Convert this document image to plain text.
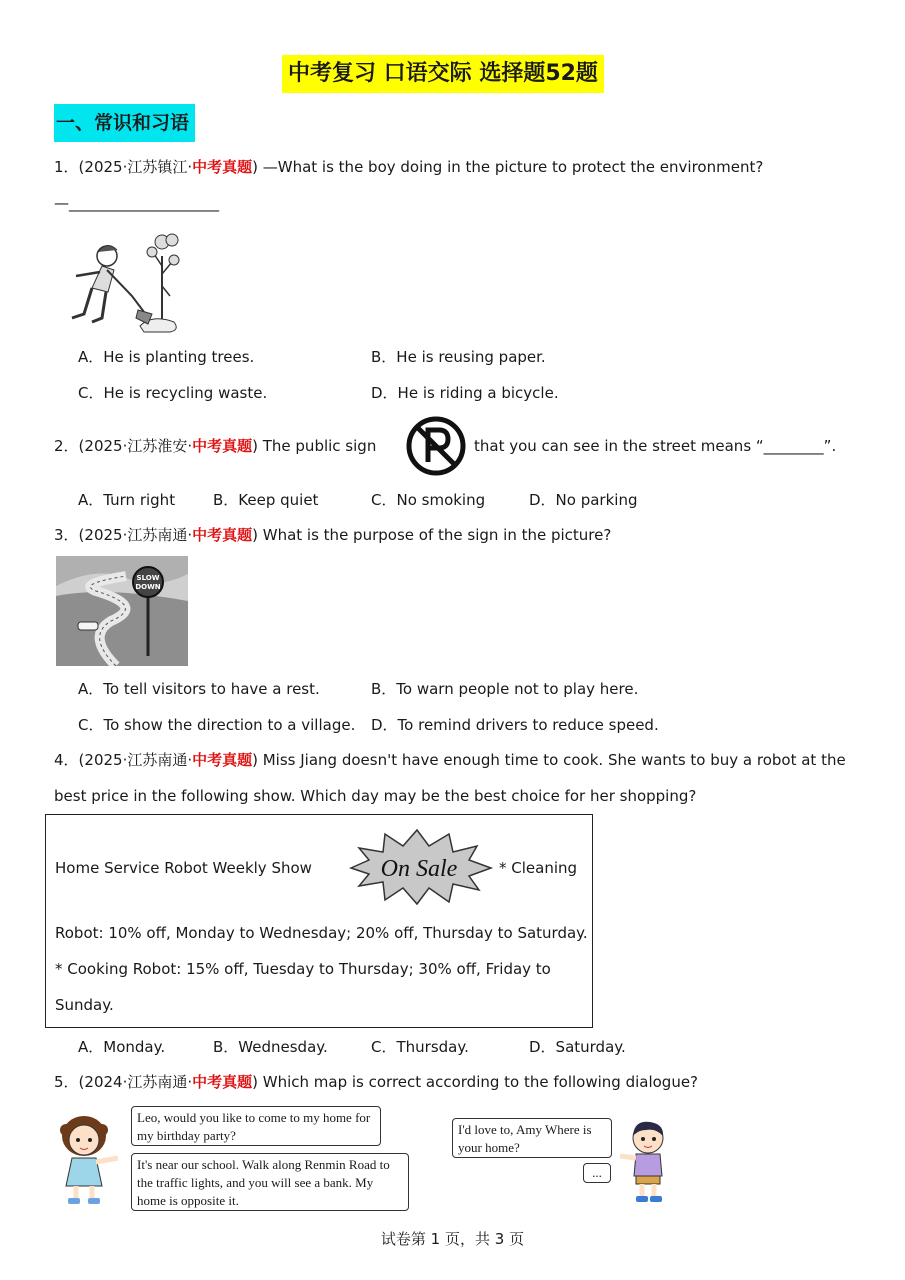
中考复习 口语交际 选择题52题
一、常识和习语
1．(2025·江苏镇江·中考真题) —What is the boy doing in the picture to protect the environment?
—____________________
A．He is planting trees.	B．He is reusing paper.
C．He is recycling waste.	D．He is riding a bicycle.
2．(2025·江苏淮安·中考真题) The public sign	that you can see in the street means “________”.
A．Turn right	B．Keep quiet	C．No smoking	D．No parking
3．(2025·江苏南通·中考真题) What is the purpose of the sign in the picture?
SLOW
DOWN
A．To tell visitors to have a rest.	B．To warn people not to play here.
C．To show the direction to a village. D．To remind drivers to reduce speed.
4．(2025·江苏南通·中考真题) Miss Jiang doesn't have enough time to cook. She wants to buy a robot at the
best price in the following show. Which day may be the best choice for her shopping?
Home Service Robot Weekly Show	On Sale	* Cleaning
Robot: 10% off, Monday to Wednesday; 20% off, Thursday to Saturday.
* Cooking Robot: 15% off, Tuesday to Thursday; 30% off, Friday to
Sunday.
A．Monday.	B．Wednesday.	C．Thursday.	D．Saturday.
5．(2024·江苏南通·中考真题) Which map is correct according to the following dialogue?
Leo, would you like to come to my home for my birthday party?
It's near our school. Walk along Renmin Road to the traffic lights, and you will see a bank. My home is opposite it.
I'd love to, Amy Where is your home?
...
试卷第 1 页，共 3 页
